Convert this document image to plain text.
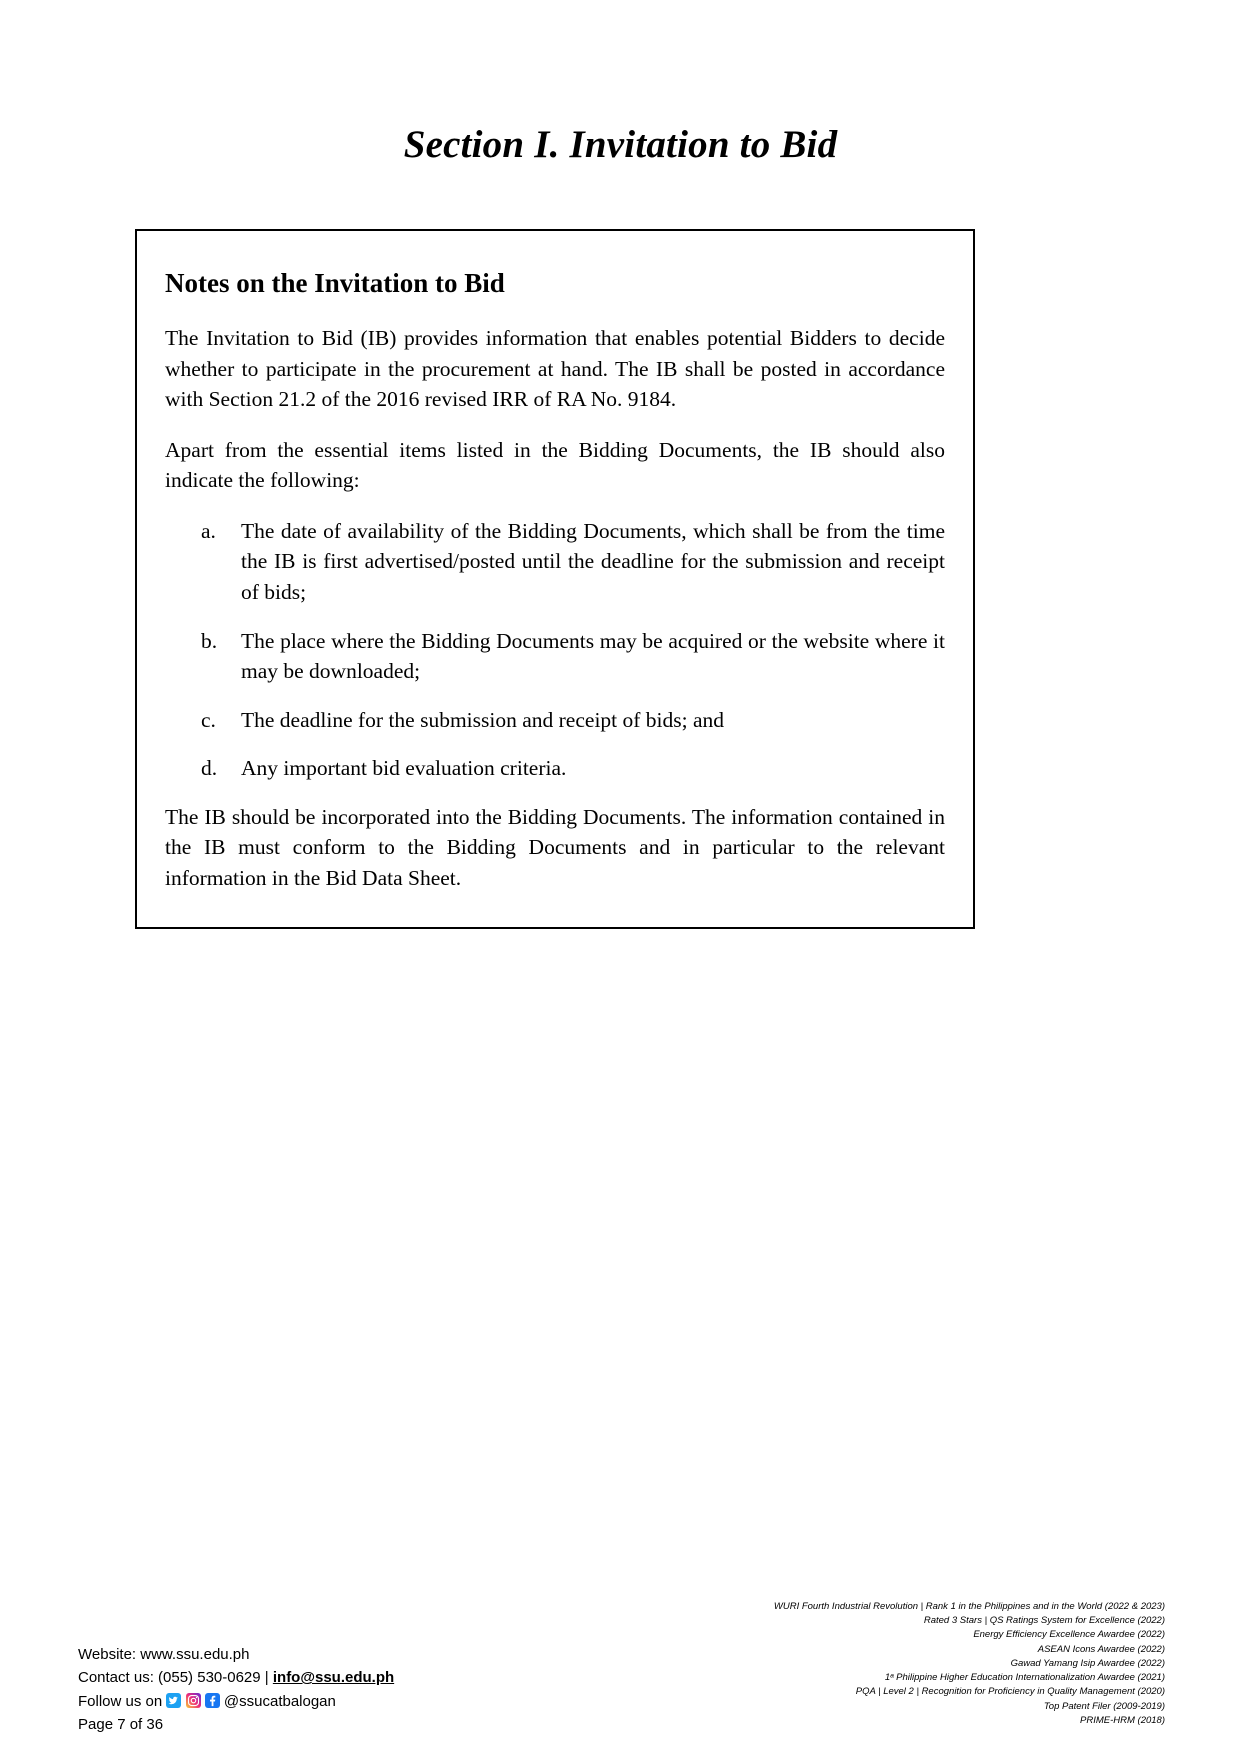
Section I. Invitation to Bid
Notes on the Invitation to Bid

The Invitation to Bid (IB) provides information that enables potential Bidders to decide whether to participate in the procurement at hand. The IB shall be posted in accordance with Section 21.2 of the 2016 revised IRR of RA No. 9184.

Apart from the essential items listed in the Bidding Documents, the IB should also indicate the following:

a.	The date of availability of the Bidding Documents, which shall be from the time the IB is first advertised/posted until the deadline for the submission and receipt of bids;
b.	The place where the Bidding Documents may be acquired or the website where it may be downloaded;
c.	The deadline for the submission and receipt of bids; and
d.	Any important bid evaluation criteria.

The IB should be incorporated into the Bidding Documents. The information contained in the IB must conform to the Bidding Documents and in particular to the relevant information in the Bid Data Sheet.

Website: www.ssu.edu.ph
Contact us: (055) 530-0629 | info@ssu.edu.ph
Follow us on

	@ssucatbalogan
Page 7 of 36
WURI Fourth Industrial Revolution | Rank 1 in the Philippines and in the World (2022 & 2023)
Rated 3 Stars | QS Ratings System for Excellence (2022)
Energy Efficiency Excellence Awardee (2022)
ASEAN Icons Awardee (2022)
Gawad Yamang Isip Awardee (2022)
1ᵃ Philippine Higher Education Internationalization Awardee (2021)
PQA | Level 2 | Recognition for Proficiency in Quality Management (2020)
Top Patent Filer (2009-2019)
PRIME-HRM (2018)
